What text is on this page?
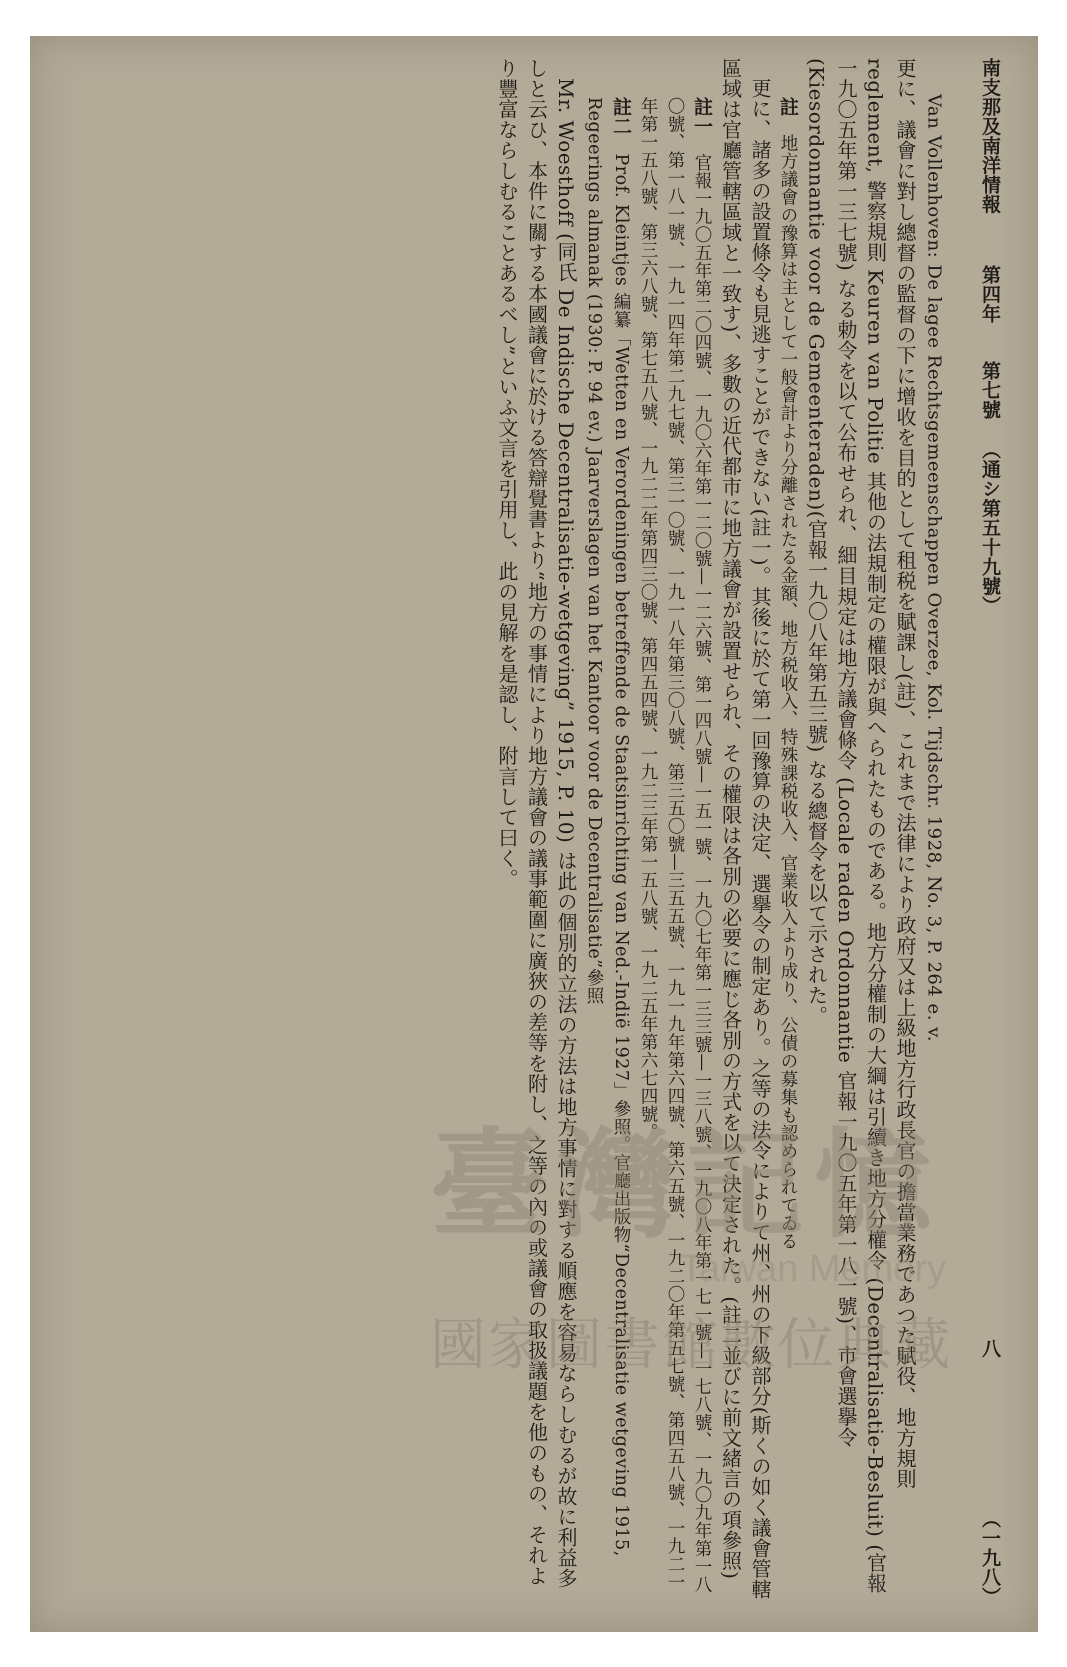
南支那及南洋情報 第四年 第七號 （通シ第五十九號）
（一九八）
八

Van Vollenhoven: De lagee Rechtsgemeenschappen Overzee, Kol. Tijdschr. 1928, No. 3, P. 264 e. v.

更に、議會に對し總督の監督の下に增收を目的として租税を賦課し(註)、これまで法律により政府又は上級地方行政長官の擔當業務であつた賦役、地方規則 reglement, 警察規則 Keuren van Politie 其他の法規制定の權限が與へられたものである。地方分權制の大綱は引續き地方分權令 (Decentralisatie-Besluit) (官報一九〇五年第一三七號) なる勅令を以て公布せられ、細目規定は地方議會條令 (Locale raden Ordonnantie 官報一九〇五年第一八一號)、市會選擧令(Kiesordonnantie voor de Gemeenteraden)(官報一九〇八年第五三號) なる總督令を以て示された。

註 地方議會の豫算は主として一般會計より分離されたる金額、地方税收入、特殊課税收入、官業收入より成り、公債の募集も認められてゐる

更に、諸多の設置條令も見逃すことができない(註一)。其後に於て第一回豫算の決定、選擧令の制定あり。之等の法令によりて州、州の下級部分(斯くの如く議會管轄區域は官廳管轄區域と一致す)、多數の近代都市に地方議會が設置せられ、その權限は各別の必要に應じ各別の方式を以て決定された。(註二並びに前文緒言の項參照)

註一 官報一九〇五年第二〇四號、一九〇六年第一二〇號—一二六號、第一四八號—一五一號、一九〇七年第一三三號—一三八號、一九〇八年第一七一號—一七八號、一九〇九年第一八〇號、第一八一號、一九一四年第二九七號、第三一〇號、一九一八年第三〇八號、第三五〇號—三五五號、一九一九年第六四號、第六五號、一九二〇年第五七號、第四五八號、一九二一年第一五八號、第三六八號、第七五八號、一九二二年第四三〇號、第四五四號、一九二三年第一五八號、一九二五年第六七四號。
註二 Prof. Kleintjes 編纂「Wetten en Verordeningen betreffende de Staatsinrichting van Ned.-Indië 1927」參照。官廳出版物“Decentralisatie wetgeving 1915, Regeerings almanak (1930: P. 94 ev.) Jaarverslagen van het Kantoor voor de Decentralisatie”參照

Mr. Woesthoff (同氏 De Indische Decentralisatie-wetgeving” 1915, P. 10) は此の個別的立法の方法は地方事情に對する順應を容易ならしむるが故に利益多しと云ひ、本件に關する本國議會に於ける答辯覺書より“地方の事情により地方議會の議事範圍に廣狹の差等を附し、之等の內の或議會の取扱議題を他のもの、それより豐富ならしむることあるべし”といふ文言を引用し、此の見解を是認し、附言して曰く。

臺灣記憶
Taiwan Memory
國家圖書館數位典藏
